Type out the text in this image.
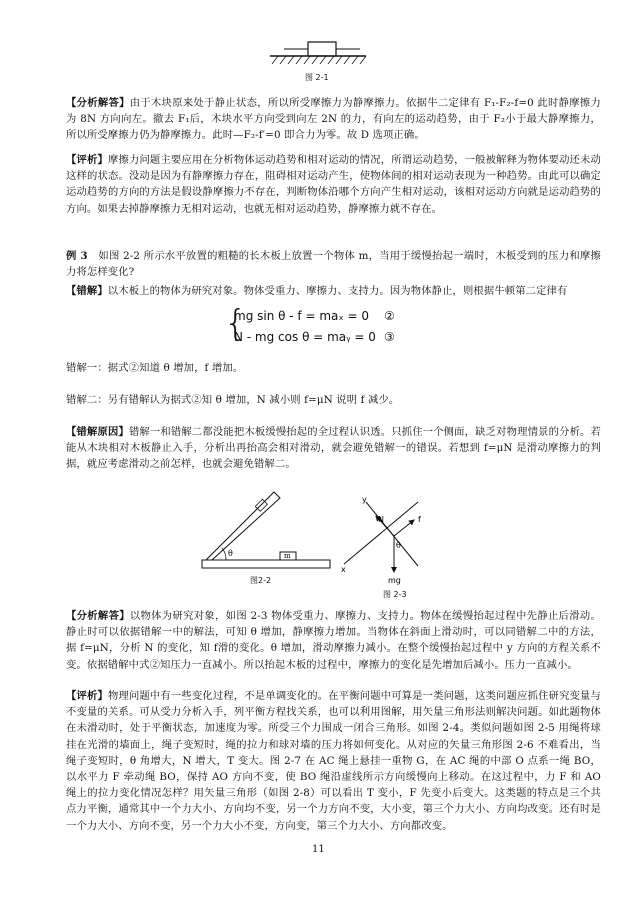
图 2-1
【分析解答】由于木块原来处于静止状态，所以所受摩擦力为静摩擦力。依据牛二定律有 F₁-F₂-f=0 此时静摩擦力为 8N 方向向左。撤去 F₁后，木块水平方向受到向左 2N 的力，有向左的运动趋势，由于 F₂小于最大静摩擦力，所以所受摩擦力仍为静摩擦力。此时—F₂-f′=0 即合力为零。故 D 选项正确。
【评析】摩擦力问题主要应用在分析物体运动趋势和相对运动的情况，所谓运动趋势，一般被解释为物体要动还未动这样的状态。没动是因为有静摩擦力存在，阻碍相对运动产生，使物体间的相对运动表现为一种趋势。由此可以确定运动趋势的方向的方法是假设静摩擦力不存在，判断物体沿哪个方向产生相对运动，该相对运动方向就是运动趋势的方向。如果去掉静摩擦力无相对运动，也就无相对运动趋势，静摩擦力就不存在。
例 3 如图 2-2 所示水平放置的粗糙的长木板上放置一个物体 m，当用于缓慢抬起一端时，木板受到的压力和摩擦力将怎样变化?
【错解】以木板上的物体为研究对象。物体受重力、摩擦力、支持力。因为物体静止，则根据牛顿第二定律有
{
mg sin θ - f = maₓ = 0 ②
N - mg cos θ = maᵧ = 0 ③
错解一：据式②知道 θ 增加，f 增加。
错解二：另有错解认为据式②知 θ 增加，N 减小则 f=μN 说明 f 减少。
【错解原因】错解一和错解二都没能把木板缓慢抬起的全过程认识透。只抓住一个侧面，缺乏对物理情景的分析。若能从木块相对木板静止入手，分析出再抬高会相对滑动，就会避免错解一的错误。若想到 f=μN 是滑动摩擦力的判据，就应考虑滑动之前怎样，也就会避免错解二。
θ	m
图2-2
y
x
N	f
θ
mg
图 2-3
【分析解答】以物体为研究对象，如图 2-3 物体受重力、摩擦力、支持力。物体在缓慢抬起过程中先静止后滑动。静止时可以依据错解一中的解法，可知 θ 增加，静摩擦力增加。当物体在斜面上滑动时，可以同错解二中的方法，据 f=μN，分析 N 的变化，知 f滑的变化。θ 增加，滑动摩擦力减小。在整个缓慢抬起过程中 y 方向的方程关系不变。依据错解中式②知压力一直减小。所以抬起木板的过程中，摩擦力的变化是先增加后减小。压力一直减小。
【评析】物理问题中有一些变化过程，不是单调变化的。在平衡问题中可算是一类问题，这类问题应抓住研究变量与不变量的关系。可从受力分析入手，列平衡方程找关系，也可以利用图解，用矢量三角形法则解决问题。如此题物体在未滑动时，处于平衡状态，加速度为零。所受三个力围成一闭合三角形。如图 2-4。类似问题如图 2-5 用绳将球挂在光滑的墙面上，绳子变短时，绳的拉力和球对墙的压力将如何变化。从对应的矢量三角形图 2-6 不难看出，当绳子变短时，θ 角增大，N 增大，T 变大。图 2-7 在 AC 绳上悬挂一重物 G，在 AC 绳的中部 O 点系一绳 BO，以水平力 F 牵动绳 BO，保持 AO 方向不变，使 BO 绳沿虚线所示方向缓慢向上移动。在这过程中，力 F 和 AO 绳上的拉力变化情况怎样？用矢量三角形（如图 2-8）可以看出 T 变小，F 先变小后变大。这类题的特点是三个共点力平衡，通常其中一个力大小、方向均不变，另一个力方向不变，大小变，第三个力大小、方向均改变。还有时是一个力大小、方向不变，另一个力大小不变，方向变，第三个力大小、方向都改变。
11
